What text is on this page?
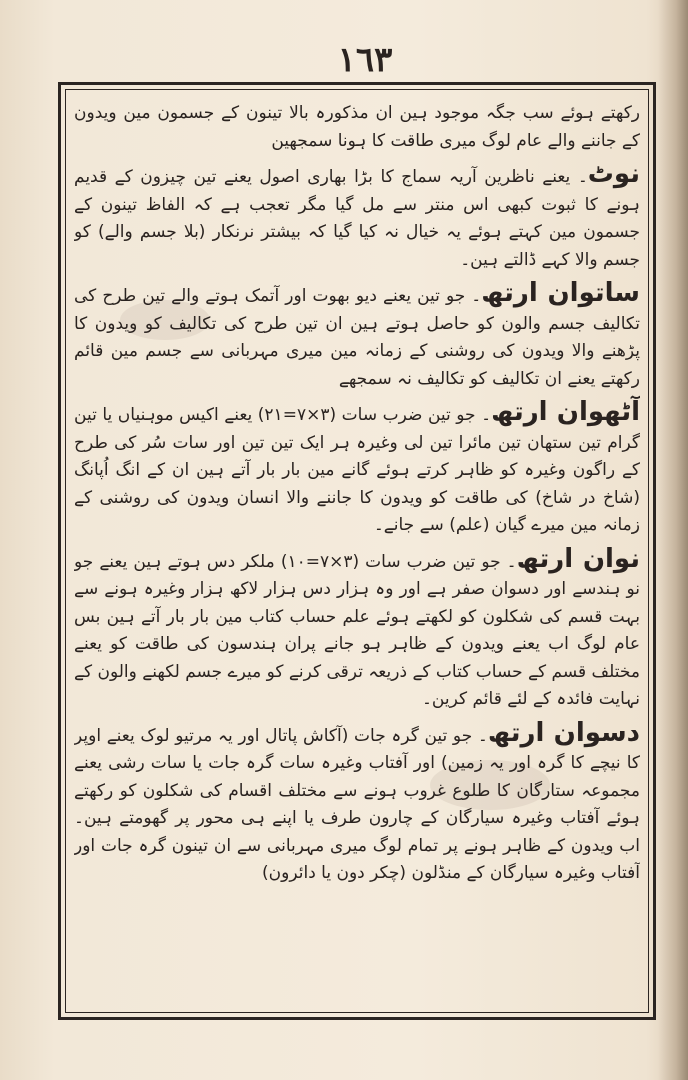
١٦٣

رکھتے ہوئے سب جگہ موجود ہین ان مذکورہ بالا تینون کے جسمون مین ویدون کے جاننے والے عام لوگ میری طاقت کا ہونا سمجھین

نوٹ۔ یعنے ناظرین آریہ سماج کا بڑا بھاری اصول یعنے تین چیزون کے قدیم ہونے کا ثبوت کبھی اس منتر سے مل گیا مگر تعجب ہے کہ الفاظ تینون کے جسمون مین کہتے ہوئے یہ خیال نہ کیا گیا کہ بیشتر نرنکار (بلا جسم والے) کو جسم والا کہے ڈالتے ہین۔

ساتوان ارتھ۔ جو تین یعنے دیو بھوت اور آتمک ہوتے والے تین طرح کی تکالیف جسم والون کو حاصل ہوتے ہین ان تین طرح کی تکالیف کو ویدون کا پڑھنے والا ویدون کی روشنی کے زمانہ مین میری مہربانی سے جسم مین قائم رکھتے یعنے ان تکالیف کو تکالیف نہ سمجھے

آٹھوان ارتھ۔ جو تین ضرب سات (٣×٧=٢١) یعنے اکیس موہنیاں یا تین گرام تین ستھان تین مائرا تین لی وغیرہ ہر ایک تین تین اور سات سُر کی طرح کے راگون وغیرہ کو ظاہر کرتے ہوئے گانے مین بار بار آتے ہین ان کے انگ اُپانگ (شاخ در شاخ) کی طاقت کو ویدون کا جاننے والا انسان ویدون کی روشنی کے زمانہ مین میرے گیان (علم) سے جانے۔

نوان ارتھ۔ جو تین ضرب سات (٣×٧=١٠) ملکر دس ہوتے ہین یعنے جو نو ہندسے اور دسوان صفر ہے اور وہ ہزار دس ہزار لاکھ ہزار وغیرہ ہونے سے بہت قسم کی شکلون کو لکھتے ہوئے علم حساب کتاب مین بار بار آتے ہین بس عام لوگ اب یعنے ویدون کے ظاہر ہو جانے پران ہندسون کی طاقت کو یعنے مختلف قسم کے حساب کتاب کے ذریعہ ترقی کرنے کو میرے جسم لکھنے والون کے نہایت فائدہ کے لئے قائم کرین۔

دسوان ارتھ۔ جو تین گرہ جات (آکاش پاتال اور یہ مرتیو لوک یعنے اوپر کا نیچے کا گرہ اور یہ زمین) اور آفتاب وغیرہ سات گرہ جات یا سات رشی یعنے مجموعہ ستارگان کا طلوع غروب ہونے سے مختلف اقسام کی شکلون کو رکھتے ہوئے آفتاب وغیرہ سیارگان کے چارون طرف یا اپنے ہی محور پر گھومتے ہین۔ اب ویدون کے ظاہر ہونے پر تمام لوگ میری مہربانی سے ان تینون گرہ جات اور آفتاب وغیرہ سیارگان کے منڈلون (چکر دون یا دائرون)
